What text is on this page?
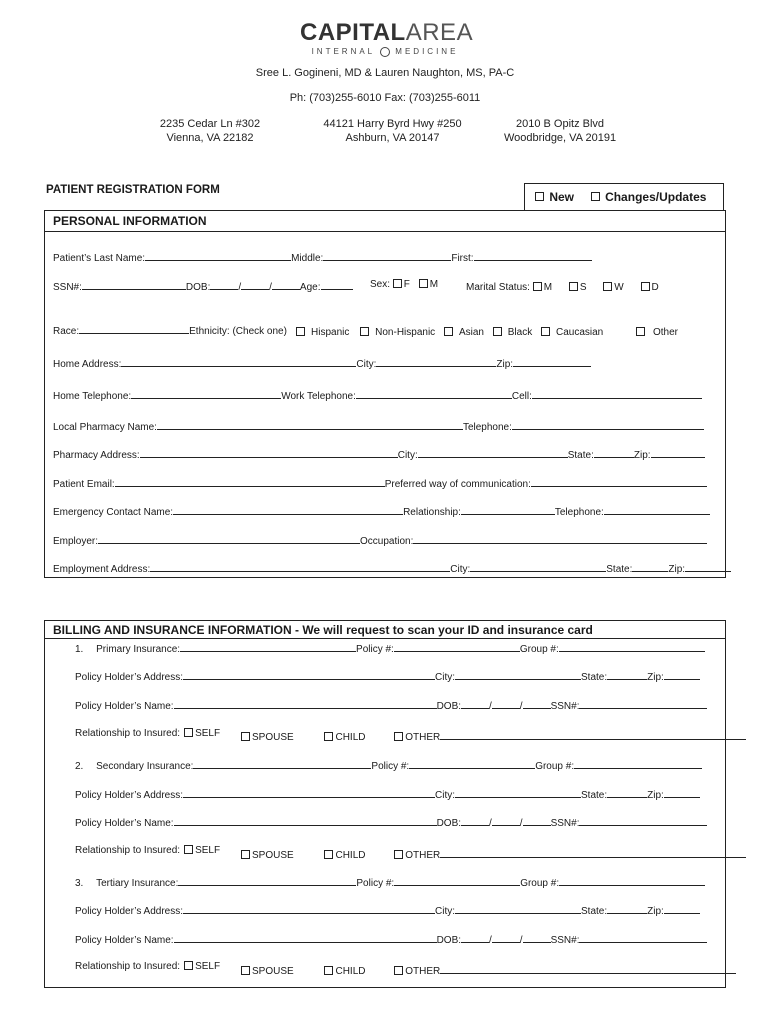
CAPITALAREA
INTERNAL	MEDICINE
Sree L. Gogineni, MD & Lauren Naughton, MS, PA-C
Ph: (703)255-6010 Fax: (703)255-6011
2235 Cedar Ln #302
Vienna, VA 22182
44121 Harry Byrd Hwy #250
Ashburn, VA 20147
2010 B Opitz Blvd
Woodbridge, VA 20191
PATIENT REGISTRATION FORM	New	Changes/Updates
PERSONAL INFORMATION
Patient’s Last Name:	Middle:	First:
SSN#:	DOB:	/	/	Age:	Sex: F M	Marital Status: M	S	W	D
Race:	Ethnicity: (Check one)	Hispanic	Non-Hispanic Asian Black Caucasian	Other
Home Address:	City:	Zip:
Home Telephone:	Work Telephone:	Cell:
Local Pharmacy Name:	Telephone:
Pharmacy Address:	City:	State:	Zip:
Patient Email:	Preferred way of communication:
Emergency Contact Name:	Relationship:	Telephone:
Employer:	Occupation:
Employment Address:	City:	State:	Zip:
BILLING AND INSURANCE INFORMATION - We will request to scan your ID and insurance card
1. Primary Insurance:	Policy #:	Group #:
Policy Holder’s Address:	City:	State:	Zip:
Policy Holder’s Name:	DOB:	/	/	SSN#:
Relationship to Insured: SELF	SPOUSE	CHILD	OTHER
2. Secondary Insurance:	Policy #:	Group #:
Policy Holder’s Address:	City:	State:	Zip:
Policy Holder’s Name:	DOB:	/	/	SSN#:
Relationship to Insured: SELF	SPOUSE	CHILD	OTHER
3. Tertiary Insurance:	Policy #:	Group #:
Policy Holder’s Address:	City:	State:	Zip:
Policy Holder’s Name:	DOB:	/	/	SSN#:
Relationship to Insured: SELF	SPOUSE	CHILD	OTHER
